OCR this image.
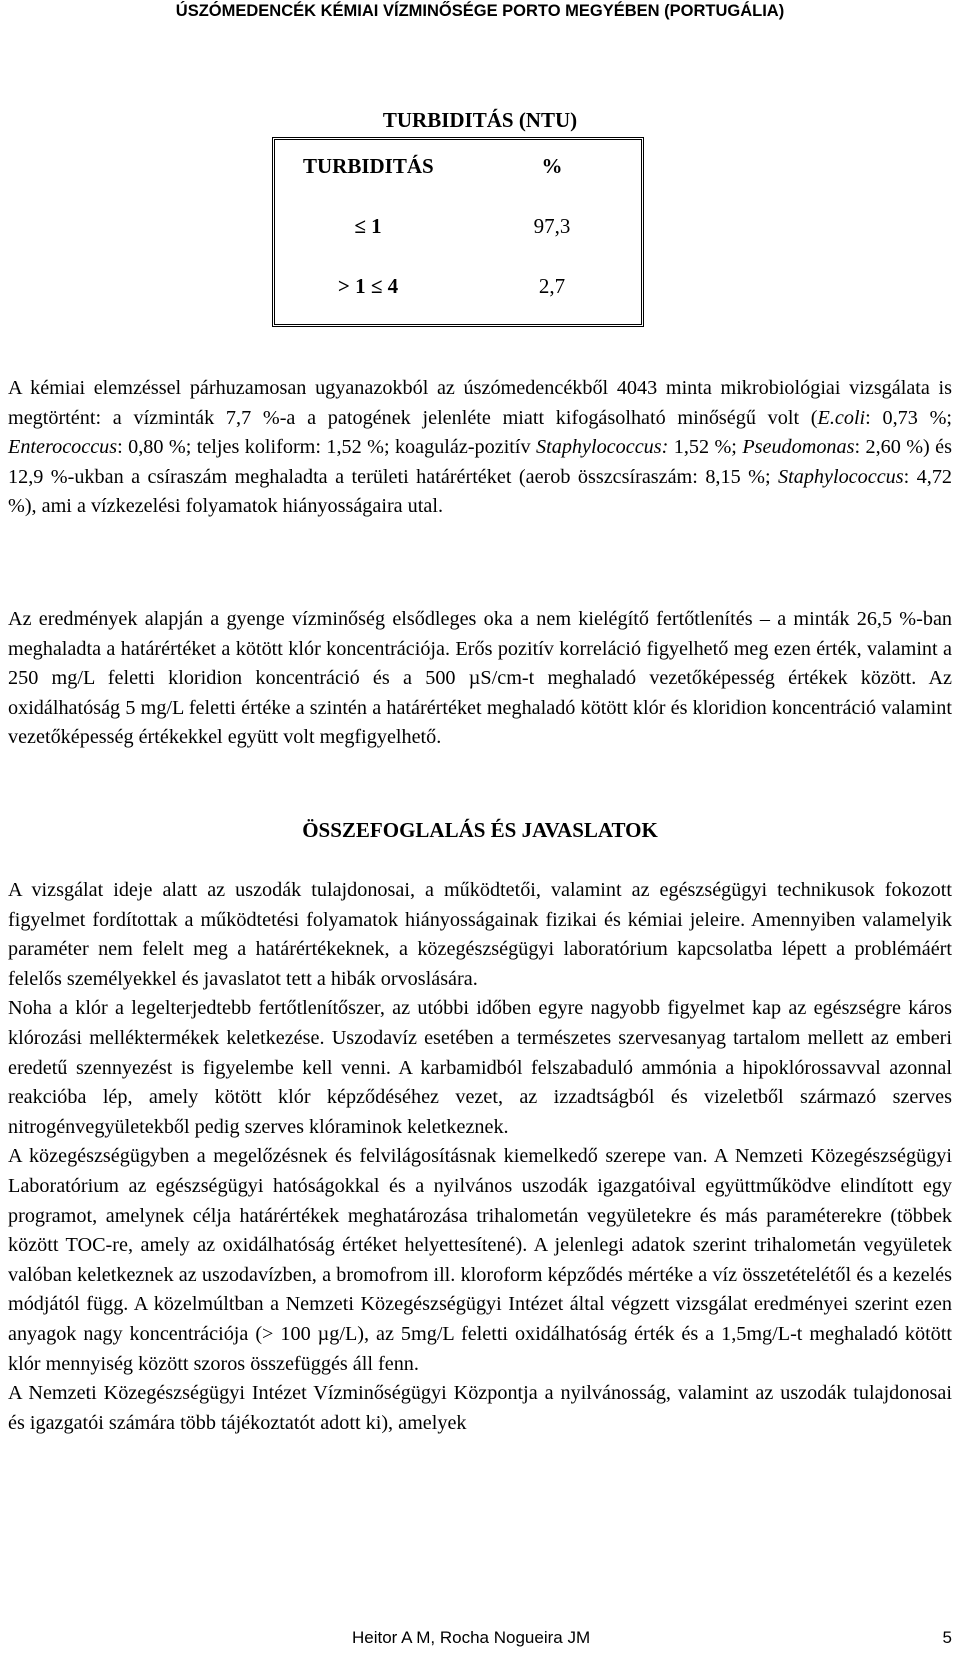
ÚSZÓMEDENCÉK KÉMIAI VÍZMINŐSÉGE PORTO MEGYÉBEN (PORTUGÁLIA)
TURBIDITÁS (NTU)
TURBIDITÁS	%
≤ 1	97,3
> 1 ≤ 4	2,7

A kémiai elemzéssel párhuzamosan ugyanazokból az úszómedencékből 4043 minta mikrobiológiai vizsgálata is megtörtént: a vízminták 7,7 %-a a patogének jelenléte miatt kifogásolható minőségű volt (E.coli: 0,73 %; Enterococcus: 0,80 %; teljes koliform: 1,52 %; koaguláz-pozitív Staphylococcus: 1,52 %; Pseudomonas: 2,60 %) és 12,9 %-ukban a csíraszám meghaladta a területi határértéket (aerob összcsíraszám: 8,15 %; Staphylococcus: 4,72 %), ami a vízkezelési folyamatok hiányosságaira utal.

Az eredmények alapján a gyenge vízminőség elsődleges oka a nem kielégítő fertőtlenítés – a minták 26,5 %-ban meghaladta a határértéket a kötött klór koncentrációja. Erős pozitív korreláció figyelhető meg ezen érték, valamint a 250 mg/L feletti kloridion koncentráció és a 500 µS/cm-t meghaladó vezetőképesség értékek között. Az oxidálhatóság 5 mg/L feletti értéke a szintén a határértéket meghaladó kötött klór és kloridion koncentráció valamint vezetőképesség értékekkel együtt volt megfigyelhető.

ÖSSZEFOGLALÁS ÉS JAVASLATOK

A vizsgálat ideje alatt az uszodák tulajdonosai, a működtetői, valamint az egészségügyi technikusok fokozott figyelmet fordítottak a működtetési folyamatok hiányosságainak fizikai és kémiai jeleire. Amennyiben valamelyik paraméter nem felelt meg a határértékeknek, a közegészségügyi laboratórium kapcsolatba lépett a problémáért felelős személyekkel és javaslatot tett a hibák orvoslására.

Noha a klór a legelterjedtebb fertőtlenítőszer, az utóbbi időben egyre nagyobb figyelmet kap az egészségre káros klórozási melléktermékek keletkezése. Uszodavíz esetében a természetes szervesanyag tartalom mellett az emberi eredetű szennyezést is figyelembe kell venni. A karbamidból felszabaduló ammónia a hipoklórossavval azonnal reakcióba lép, amely kötött klór képződéséhez vezet, az izzadtságból és vizeletből származó szerves nitrogénvegyületekből pedig szerves klóraminok keletkeznek.

A közegészségügyben a megelőzésnek és felvilágosításnak kiemelkedő szerepe van. A Nemzeti Közegészségügyi Laboratórium az egészségügyi hatóságokkal és a nyilvános uszodák igazgatóival együttműködve elindított egy programot, amelynek célja határértékek meghatározása trihalometán vegyületekre és más paraméterekre (többek között TOC-re, amely az oxidálhatóság értéket helyettesítené). A jelenlegi adatok szerint trihalometán vegyületek valóban keletkeznek az uszodavízben, a bromofrom ill. kloroform képződés mértéke a víz összetételétől és a kezelés módjától függ. A közelmúltban a Nemzeti Közegészségügyi Intézet által végzett vizsgálat eredményei szerint ezen anyagok nagy koncentrációja (> 100 µg/L), az 5mg/L feletti oxidálhatóság érték és a 1,5mg/L-t meghaladó kötött klór mennyiség között szoros összefüggés áll fenn.

A Nemzeti Közegészségügyi Intézet Vízminőségügyi Központja a nyilvánosság, valamint az uszodák tulajdonosai és igazgatói számára több tájékoztatót adott ki), amelyek

Heitor A M, Rocha Nogueira JM	5
